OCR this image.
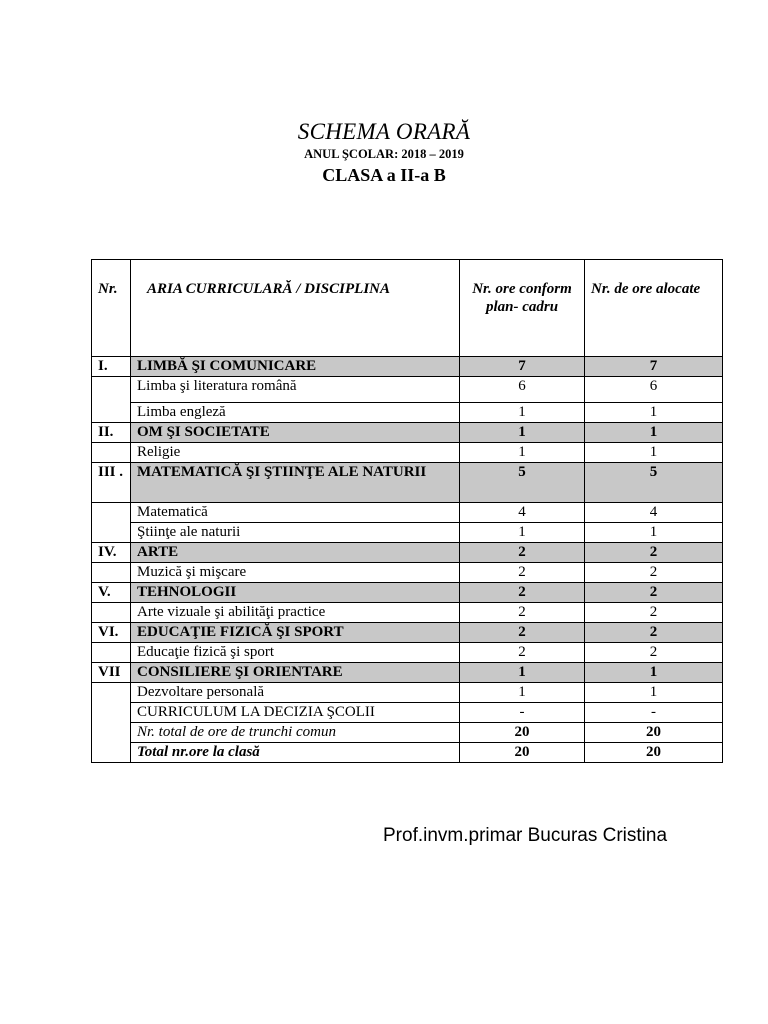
SCHEMA ORARĂ
ANUL ŞCOLAR: 2018 – 2019
CLASA a II-a B
Nr.	ARIA CURRICULARĂ / DISCIPLINA	Nr. ore conform plan- cadru	Nr. de ore alocate
I.	LIMBĂ ŞI COMUNICARE	7	7
	Limba şi literatura română	6	6
	Limba engleză	1	1
II.	OM ŞI SOCIETATE	1	1
	Religie	1	1
III .	MATEMATICĂ ŞI ŞTIINŢE ALE NATURII	5	5
	Matematică	4	4
	Ştiinţe ale naturii	1	1
IV.	ARTE	2	2
	Muzică şi mişcare	2	2
V.	TEHNOLOGII	2	2
	Arte vizuale şi abilităţi practice	2	2
VI.	EDUCAŢIE FIZICĂ ŞI SPORT	2	2
	Educaţie fizică şi sport	2	2
VII	CONSILIERE ŞI ORIENTARE	1	1
	Dezvoltare personală	1	1
	CURRICULUM LA DECIZIA ŞCOLII	-	-
	Nr. total de ore de trunchi comun	20	20
	Total nr.ore la clasă	20	20
Prof.invm.primar Bucuras Cristina
